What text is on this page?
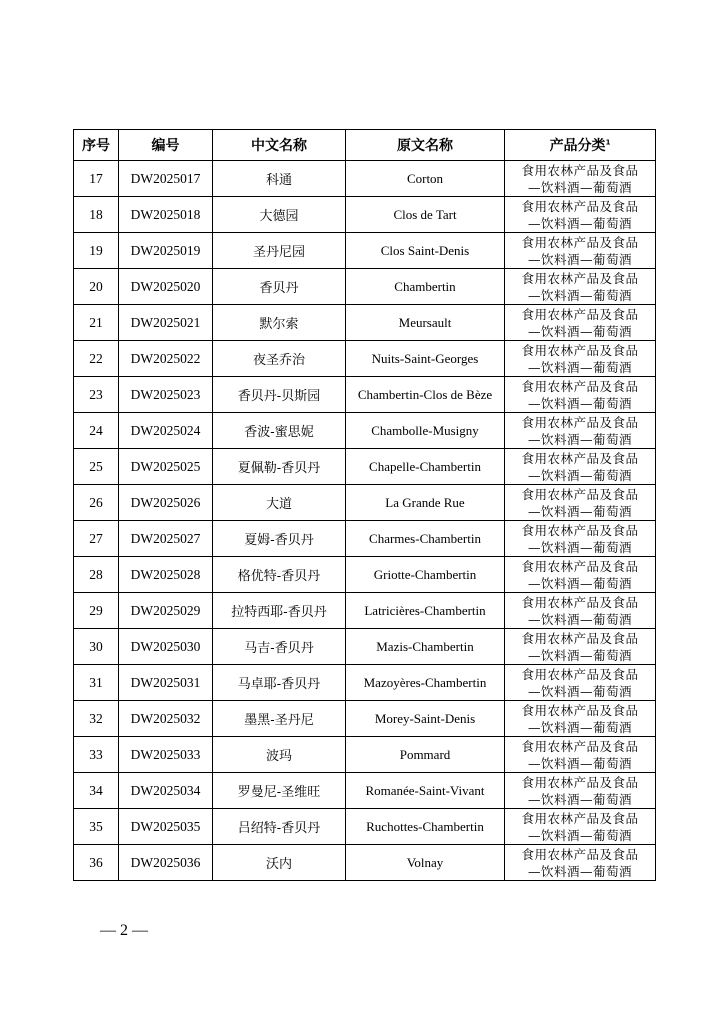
序号	编号	中文名称	原文名称	产品分类$^1$
17	DW2025017	科通	Corton	食用农林产品及食品
—饮料酒—葡萄酒
18	DW2025018	大德园	Clos de Tart	食用农林产品及食品
—饮料酒—葡萄酒
19	DW2025019	圣丹尼园	Clos Saint-Denis	食用农林产品及食品
—饮料酒—葡萄酒
20	DW2025020	香贝丹	Chambertin	食用农林产品及食品
—饮料酒—葡萄酒
21	DW2025021	默尔索	Meursault	食用农林产品及食品
—饮料酒—葡萄酒
22	DW2025022	夜圣乔治	Nuits-Saint-Georges	食用农林产品及食品
—饮料酒—葡萄酒
23	DW2025023	香贝丹-贝斯园	Chambertin-Clos de Bèze	食用农林产品及食品
—饮料酒—葡萄酒
24	DW2025024	香波-蜜思妮	Chambolle-Musigny	食用农林产品及食品
—饮料酒—葡萄酒
25	DW2025025	夏佩勒-香贝丹	Chapelle-Chambertin	食用农林产品及食品
—饮料酒—葡萄酒
26	DW2025026	大道	La Grande Rue	食用农林产品及食品
—饮料酒—葡萄酒
27	DW2025027	夏姆-香贝丹	Charmes-Chambertin	食用农林产品及食品
—饮料酒—葡萄酒
28	DW2025028	格优特-香贝丹	Griotte-Chambertin	食用农林产品及食品
—饮料酒—葡萄酒
29	DW2025029	拉特西耶-香贝丹	Latricières-Chambertin	食用农林产品及食品
—饮料酒—葡萄酒
30	DW2025030	马吉-香贝丹	Mazis-Chambertin	食用农林产品及食品
—饮料酒—葡萄酒
31	DW2025031	马卓耶-香贝丹	Mazoyères-Chambertin	食用农林产品及食品
—饮料酒—葡萄酒
32	DW2025032	墨黑-圣丹尼	Morey-Saint-Denis	食用农林产品及食品
—饮料酒—葡萄酒
33	DW2025033	波玛	Pommard	食用农林产品及食品
—饮料酒—葡萄酒
34	DW2025034	罗曼尼-圣维旺	Romanée-Saint-Vivant	食用农林产品及食品
—饮料酒—葡萄酒
35	DW2025035	吕绍特-香贝丹	Ruchottes-Chambertin	食用农林产品及食品
—饮料酒—葡萄酒
36	DW2025036	沃内	Volnay	食用农林产品及食品
—饮料酒—葡萄酒
— 2 —
